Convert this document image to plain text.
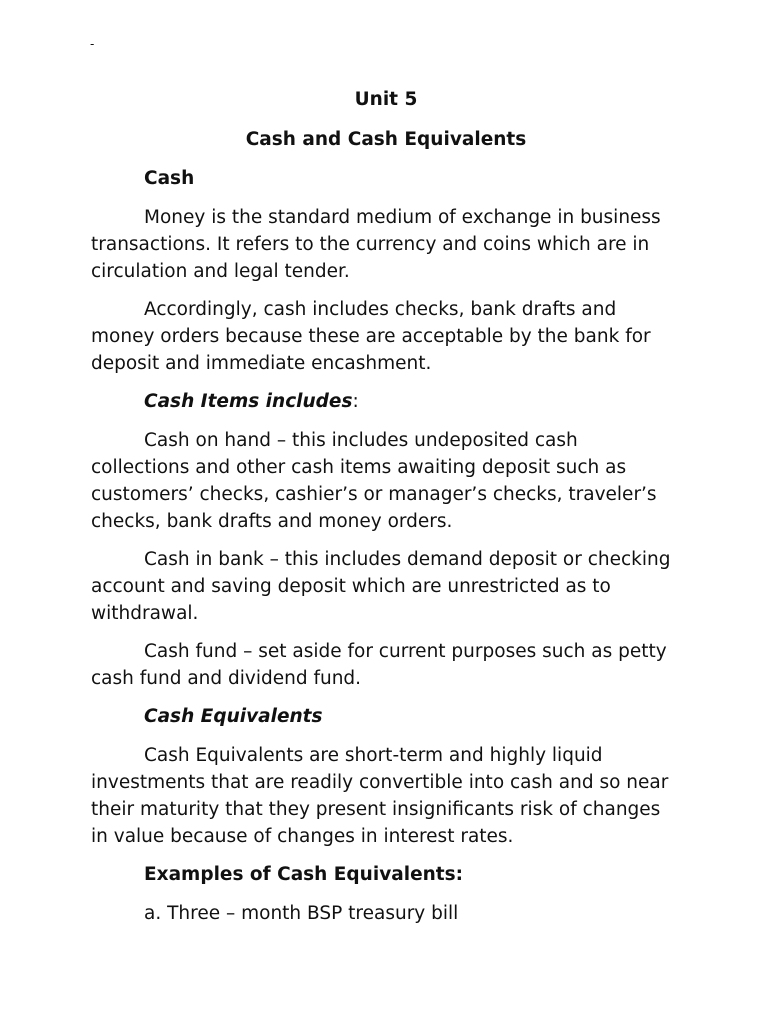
-

Unit 5

Cash and Cash Equivalents

Cash

Money is the standard medium of exchange in business transactions. It refers to the currency and coins which are in circulation and legal tender.

Accordingly, cash includes checks, bank drafts and money orders because these are acceptable by the bank for deposit and immediate encashment.

Cash Items includes:

Cash on hand – this includes undeposited cash collections and other cash items awaiting deposit such as customers’ checks, cashier’s or manager’s checks, traveler’s checks, bank drafts and money orders.

Cash in bank – this includes demand deposit or checking account and saving deposit which are unrestricted as to withdrawal.

Cash fund – set aside for current purposes such as petty cash fund and dividend fund.

Cash Equivalents

Cash Equivalents are short-term and highly liquid investments that are readily convertible into cash and so near their maturity that they present insignificants risk of changes in value because of changes in interest rates.

Examples of Cash Equivalents:

a. Three – month BSP treasury bill
